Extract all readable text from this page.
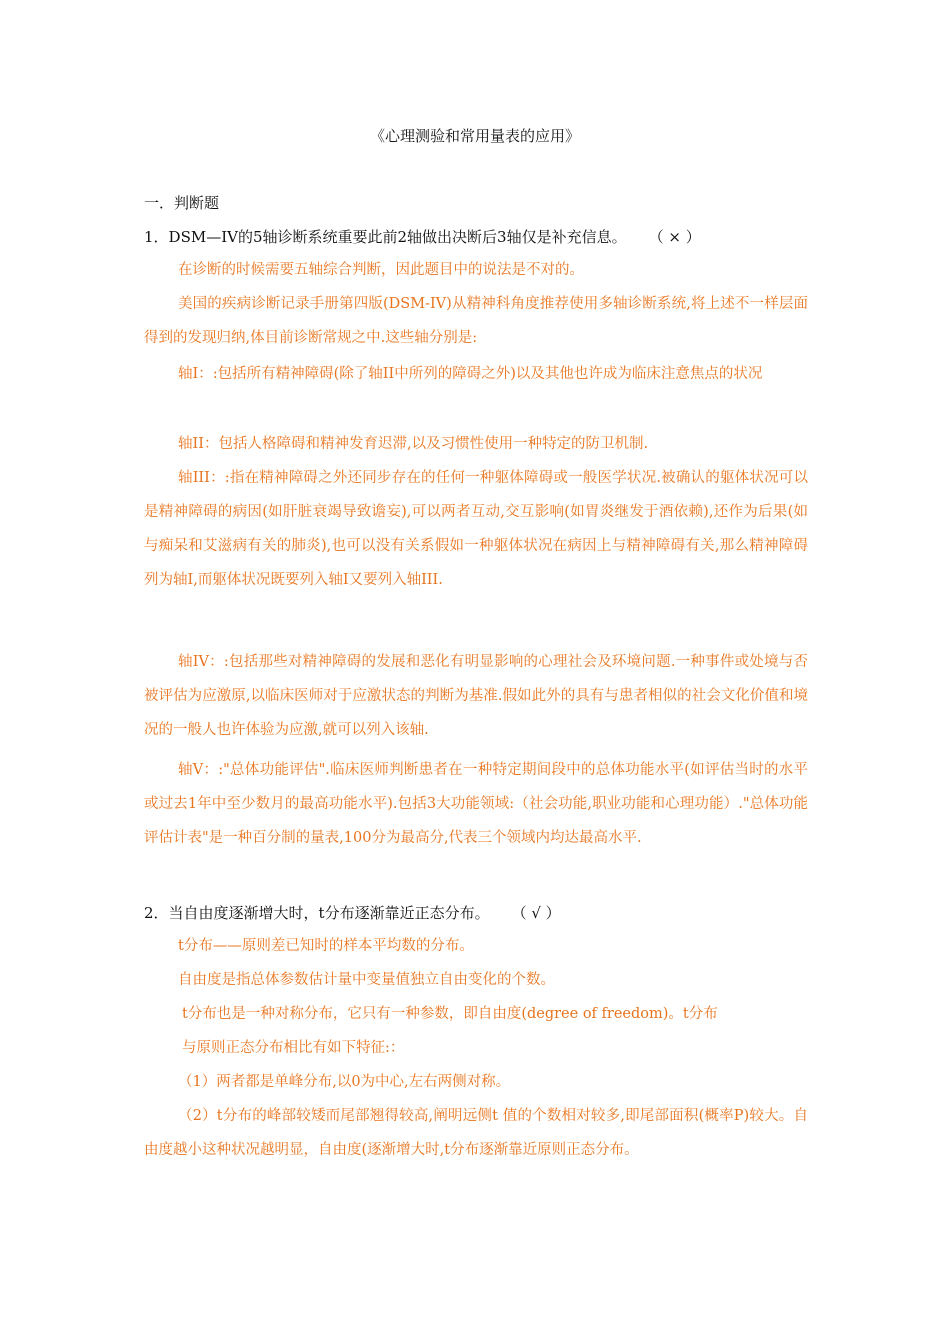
《心理测验和常用量表的应用》
一．判断题
1．DSM—IV的5轴诊断系统重要此前2轴做出决断后3轴仅是补充信息。 （ × ）

在诊断的时候需要五轴综合判断，因此题目中的说法是不对的。

美国的疾病诊断记录手册第四版(DSM-IV)从精神科角度推荐使用多轴诊断系统,将上述不一样层面得到的发现归纳,体目前诊断常规之中.这些轴分别是:

轴Ⅰ：:包括所有精神障碍(除了轴II中所列的障碍之外)以及其他也许成为临床注意焦点的状况

轴II：包括人格障碍和精神发育迟滞,以及习惯性使用一种特定的防卫机制.

轴III：:指在精神障碍之外还同步存在的任何一种躯体障碍或一般医学状况.被确认的躯体状况可以是精神障碍的病因(如肝脏衰竭导致谵妄),可以两者互动,交互影响(如胃炎继发于酒依赖),还作为后果(如与痴呆和艾滋病有关的肺炎),也可以没有关系假如一种躯体状况在病因上与精神障碍有关,那么精神障碍列为轴Ⅰ,而躯体状况既要列入轴Ⅰ又要列入轴III.

轴IV：:包括那些对精神障碍的发展和恶化有明显影响的心理社会及环境问题.一种事件或处境与否被评估为应激原,以临床医师对于应激状态的判断为基准.假如此外的具有与患者相似的社会文化价值和境况的一般人也许体验为应激,就可以列入该轴.

轴V：:"总体功能评估".临床医师判断患者在一种特定期间段中的总体功能水平(如评估当时的水平或过去1年中至少数月的最高功能水平).包括3大功能领域:（社会功能,职业功能和心理功能）."总体功能评估计表"是一种百分制的量表,100分为最高分,代表三个领域内均达最高水平.

2．当自由度逐渐增大时，t分布逐渐靠近正态分布。 （ √ ）

t分布——原则差已知时的样本平均数的分布。

自由度是指总体参数估计量中变量值独立自由变化的个数。

t分布也是一种对称分布，它只有一种参数，即自由度(degree of freedom)。t分布

与原则正态分布相比有如下特征:：

（1）两者都是单峰分布,以0为中心,左右两侧对称。

（2）t分布的峰部较矮而尾部翘得较高,阐明远侧t 值的个数相对较多,即尾部面积(概率P)较大。自由度越小这种状况越明显，自由度(逐渐增大时,t分布逐渐靠近原则正态分布。
